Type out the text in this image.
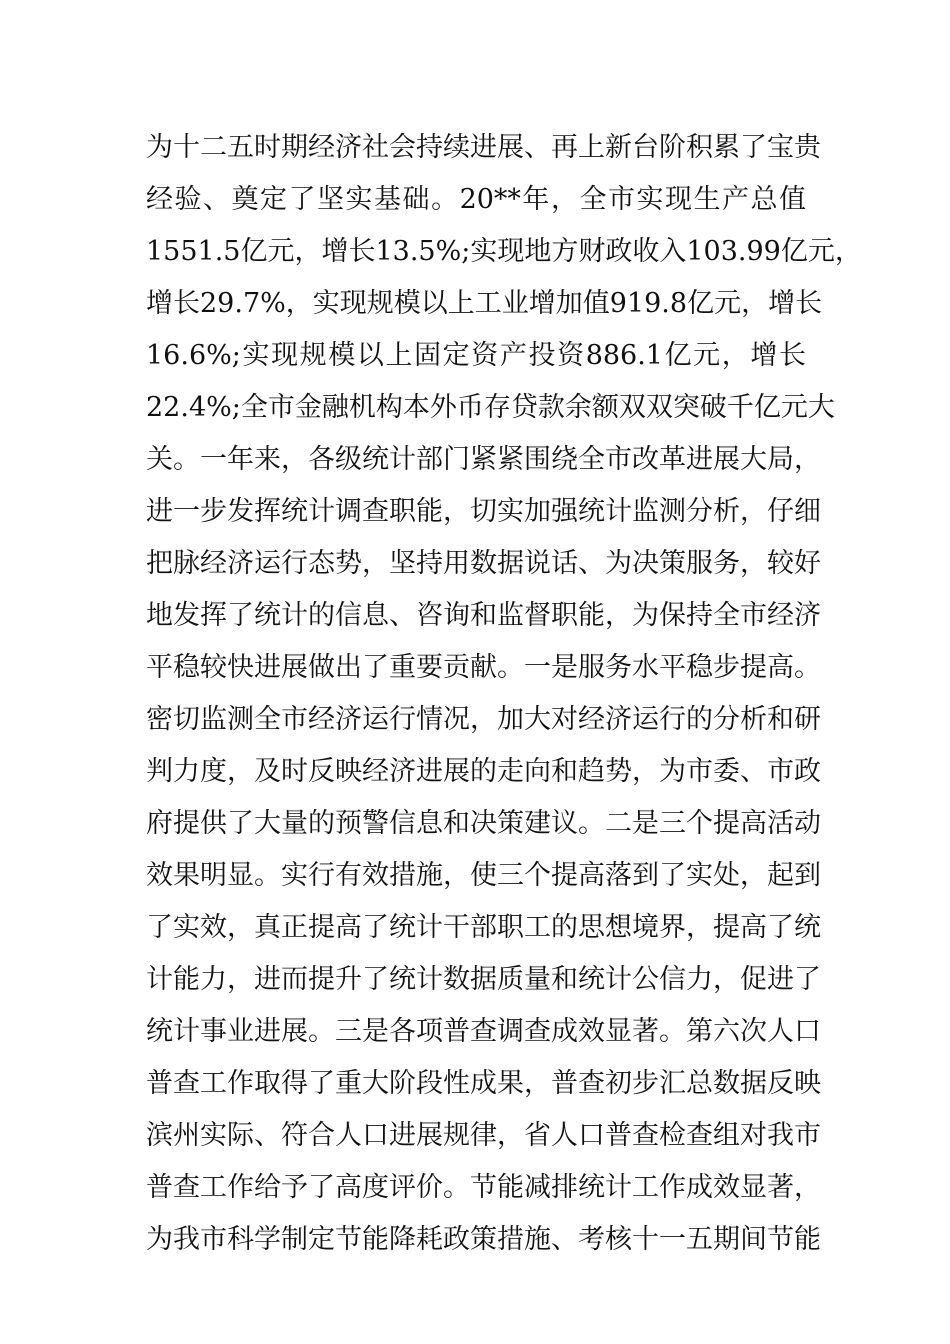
为十二五时期经济社会持续进展、再上新台阶积累了宝贵
经验、奠定了坚实基础。20**年，全市实现生产总值
1551.5亿元，增长13.5%;实现地方财政收入103.99亿元，
增长29.7%，实现规模以上工业增加值919.8亿元，增长
16.6%;实现规模以上固定资产投资886.1亿元，增长
22.4%;全市金融机构本外币存贷款余额双双突破千亿元大
关。一年来，各级统计部门紧紧围绕全市改革进展大局，
进一步发挥统计调查职能，切实加强统计监测分析，仔细
把脉经济运行态势，坚持用数据说话、为决策服务，较好
地发挥了统计的信息、咨询和监督职能，为保持全市经济
平稳较快进展做出了重要贡献。一是服务水平稳步提高。
密切监测全市经济运行情况，加大对经济运行的分析和研
判力度，及时反映经济进展的走向和趋势，为市委、市政
府提供了大量的预警信息和决策建议。二是三个提高活动
效果明显。实行有效措施，使三个提高落到了实处，起到
了实效，真正提高了统计干部职工的思想境界，提高了统
计能力，进而提升了统计数据质量和统计公信力，促进了
统计事业进展。三是各项普查调查成效显著。第六次人口
普查工作取得了重大阶段性成果，普查初步汇总数据反映
滨州实际、符合人口进展规律，省人口普查检查组对我市
普查工作给予了高度评价。节能减排统计工作成效显著，
为我市科学制定节能降耗政策措施、考核十一五期间节能
